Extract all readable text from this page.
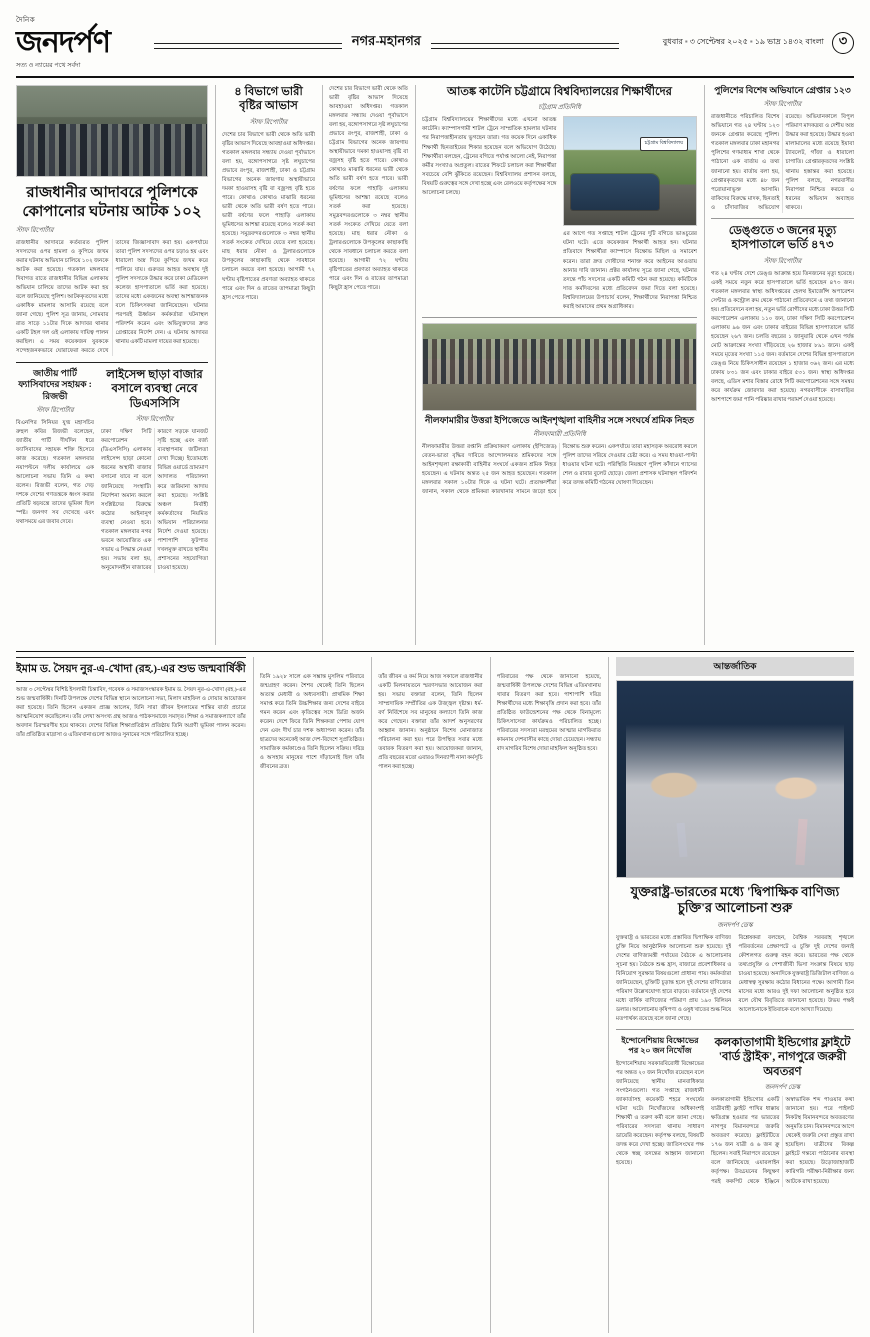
দৈনিক
জনদর্পণ
সত্য ও ন্যায়ের পথে সর্বদা
নগর-মহানগর	বুধবার ▪ ৩ সেপ্টেম্বর ২০২৫ ▪ ১৯ ভাদ্র ১৪৩২ বাংলা	৩
রাজধানীর আদাবরে পুলিশকে কোপানোর ঘটনায় আটক ১০২
স্টাফ রিপোর্টার
রাজধানীর আদাবরে কর্তব্যরত পুলিশ সদস্যদের ওপর হামলা ও কুপিয়ে জখম করার ঘটনায় অভিযান চালিয়ে ১০২ জনকে আটক করা হয়েছে। গতকাল মঙ্গলবার দিবাগত রাতে রাজধানীর বিভিন্ন এলাকায় অভিযান চালিয়ে তাদের আটক করা হয় বলে জানিয়েছে পুলিশ। আটককৃতদের মধ্যে একাধিক মামলার আসামি রয়েছে বলে জানা গেছে। পুলিশ সূত্র জানায়, সোমবার রাত সাড়ে ১১টার দিকে আদাবর থানার একটি টহল দল ওই এলাকায় দায়িত্ব পালন করছিল। এ সময় কয়েকজন যুবককে সন্দেহজনকভাবে ঘোরাফেরা করতে দেখে তাদের জিজ্ঞাসাবাদ করা হয়। একপর্যায়ে তারা পুলিশ সদস্যদের ওপর চড়াও হয় এবং ধারালো অস্ত্র দিয়ে কুপিয়ে জখম করে পালিয়ে যায়। গুরুতর আহত অবস্থায় দুই পুলিশ সদস্যকে উদ্ধার করে ঢাকা মেডিকেল কলেজ হাসপাতালে ভর্তি করা হয়েছে। তাদের মধ্যে একজনের অবস্থা আশঙ্কাজনক বলে চিকিৎসকরা জানিয়েছেন। ঘটনার পরপরই ঊর্ধ্বতন কর্মকর্তারা ঘটনাস্থল পরিদর্শন করেন এবং অভিযুক্তদের দ্রুত গ্রেপ্তারের নির্দেশ দেন। এ ঘটনায় আদাবর থানায় একটি মামলা দায়ের করা হয়েছে।
জাতীয় পার্টি ফ্যাসিবাদের সহায়ক : রিজভী
স্টাফ রিপোর্টার
বিএনপির সিনিয়র যুগ্ম মহাসচিব রুহুল কবির রিজভী বলেছেন, জাতীয় পার্টি দীর্ঘদিন ধরে ফ্যাসিবাদের সহায়ক শক্তি হিসেবে কাজ করেছে। গতকাল মঙ্গলবার নয়াপল্টনে দলীয় কার্যালয়ে এক আলোচনা সভায় তিনি এ কথা বলেন। রিজভী বলেন, গত দেড় দশকে দেশের গণতন্ত্রকে ধ্বংস করার প্রতিটি ষড়যন্ত্রে তাদের ভূমিকা ছিল স্পষ্ট। জনগণ সব দেখেছে এবং যথাসময়ে এর জবাব দেবে।
লাইসেন্স ছাড়া বাজার বসালে ব্যবস্থা নেবে ডিএসসিসি
স্টাফ রিপোর্টার
ঢাকা দক্ষিণ সিটি করপোরেশন (ডিএসসিসি) এলাকায় লাইসেন্স ছাড়া কোনো ধরনের অস্থায়ী বাজার বসানো যাবে না বলে জানিয়েছে সংস্থাটি। নির্দেশনা অমান্য করলে সংশ্লিষ্টদের বিরুদ্ধে কঠোর আইনানুগ ব্যবস্থা নেওয়া হবে। গতকাল মঙ্গলবার নগর ভবনে আয়োজিত এক সভায় এ সিদ্ধান্ত নেওয়া হয়। সভায় বলা হয়, অনুমোদনহীন বাজারের কারণে সড়কে যানজট সৃষ্টি হচ্ছে এবং বর্জ্য ব্যবস্থাপনায় জটিলতা দেখা দিচ্ছে। ইতোমধ্যে বিভিন্ন ওয়ার্ডে ভ্রাম্যমাণ আদালত পরিচালনা করে জরিমানা আদায় করা হয়েছে। সংশ্লিষ্ট অঞ্চল নির্বাহী কর্মকর্তাদের নিয়মিত অভিযান পরিচালনার নির্দেশ দেওয়া হয়েছে। পাশাপাশি ফুটপাত দখলমুক্ত রাখতে স্থানীয় প্রশাসনের সহযোগিতা চাওয়া হয়েছে।
৪ বিভাগে ভারী বৃষ্টির আভাস
স্টাফ রিপোর্টার
দেশের চার বিভাগে ভারী থেকে অতি ভারী বৃষ্টির আভাস দিয়েছে আবহাওয়া অধিদপ্তর। গতকাল মঙ্গলবার সন্ধ্যায় দেওয়া পূর্বাভাসে বলা হয়, বঙ্গোপসাগরে সৃষ্ট লঘুচাপের প্রভাবে রংপুর, রাজশাহী, ঢাকা ও চট্টগ্রাম বিভাগের অনেক জায়গায় অস্থায়ীভাবে দমকা হাওয়াসহ বৃষ্টি বা বজ্রসহ বৃষ্টি হতে পারে। কোথাও কোথাও মাঝারি ধরনের ভারী থেকে অতি ভারী বর্ষণ হতে পারে। ভারী বর্ষণের ফলে পাহাড়ি এলাকায় ভূমিধসের আশঙ্কা রয়েছে বলেও সতর্ক করা হয়েছে। সমুদ্রবন্দরগুলোকে ৩ নম্বর স্থানীয় সতর্ক সংকেত দেখিয়ে যেতে বলা হয়েছে। মাছ ধরার নৌকা ও ট্রলারগুলোকে উপকূলের কাছাকাছি থেকে সাবধানে চলাচল করতে বলা হয়েছে। আগামী ৭২ ঘণ্টায় বৃষ্টিপাতের প্রবণতা অব্যাহত থাকতে পারে এবং দিন ও রাতের তাপমাত্রা কিছুটা হ্রাস পেতে পারে।
দেশের চার বিভাগে ভারী থেকে অতি ভারী বৃষ্টির আভাস দিয়েছে আবহাওয়া অধিদপ্তর। গতকাল মঙ্গলবার সন্ধ্যায় দেওয়া পূর্বাভাসে বলা হয়, বঙ্গোপসাগরে সৃষ্ট লঘুচাপের প্রভাবে রংপুর, রাজশাহী, ঢাকা ও চট্টগ্রাম বিভাগের অনেক জায়গায় অস্থায়ীভাবে দমকা হাওয়াসহ বৃষ্টি বা বজ্রসহ বৃষ্টি হতে পারে। কোথাও কোথাও মাঝারি ধরনের ভারী থেকে অতি ভারী বর্ষণ হতে পারে। ভারী বর্ষণের ফলে পাহাড়ি এলাকায় ভূমিধসের আশঙ্কা রয়েছে বলেও সতর্ক করা হয়েছে। সমুদ্রবন্দরগুলোকে ৩ নম্বর স্থানীয় সতর্ক সংকেত দেখিয়ে যেতে বলা হয়েছে। মাছ ধরার নৌকা ও ট্রলারগুলোকে উপকূলের কাছাকাছি থেকে সাবধানে চলাচল করতে বলা হয়েছে। আগামী ৭২ ঘণ্টায় বৃষ্টিপাতের প্রবণতা অব্যাহত থাকতে পারে এবং দিন ও রাতের তাপমাত্রা কিছুটা হ্রাস পেতে পারে।
আতঙ্ক কাটেনি চট্টগ্রামে বিশ্ববিদ্যালয়ের শিক্ষার্থীদের
চট্টগ্রাম প্রতিনিধি
চট্টগ্রাম বিশ্ববিদ্যালয়ের শিক্ষার্থীদের মধ্যে এখনো আতঙ্ক কাটেনি। ক্যাম্পাসগামী শাটল ট্রেনে সাম্প্রতিক হামলার ঘটনার পর নিরাপত্তাহীনতায় ভুগছেন তারা। গত কয়েক দিনে একাধিক শিক্ষার্থী ছিনতাইয়ের শিকার হয়েছেন বলে অভিযোগ উঠেছে। শিক্ষার্থীরা বলছেন, ট্রেনের বগিতে পর্যাপ্ত আলো নেই, নিরাপত্তা কর্মীর সংখ্যাও অপ্রতুল। রাতের শিফটে চলাচল করা শিক্ষার্থীরা সবচেয়ে বেশি ঝুঁকিতে রয়েছেন। বিশ্ববিদ্যালয় প্রশাসন বলছে, বিষয়টি গুরুত্বের সঙ্গে দেখা হচ্ছে এবং রেলওয়ে কর্তৃপক্ষের সঙ্গে আলোচনা চলছে।
চট্টগ্রাম বিশ্ববিদ্যালয়
এর আগে গত সপ্তাহে শাটল ট্রেনের দুটি বগিতে ভাঙচুরের ঘটনা ঘটে। এতে কয়েকজন শিক্ষার্থী আহত হন। ঘটনার প্রতিবাদে শিক্ষার্থীরা ক্যাম্পাসে বিক্ষোভ মিছিল ও সমাবেশ করেন। তারা দ্রুত দোষীদের শনাক্ত করে আইনের আওতায় আনার দাবি জানান। প্রক্টর কার্যালয় সূত্রে জানা গেছে, ঘটনার তদন্তে পাঁচ সদস্যের একটি কমিটি গঠন করা হয়েছে। কমিটিকে সাত কর্মদিবসের মধ্যে প্রতিবেদন জমা দিতে বলা হয়েছে। বিশ্ববিদ্যালয়ের উপাচার্য বলেন, শিক্ষার্থীদের নিরাপত্তা নিশ্চিত করাই আমাদের প্রথম অগ্রাধিকার।
নীলফামারীর উত্তরা ইপিজেডে আইনশৃঙ্খলা বাহিনীর সঙ্গে সংঘর্ষে শ্রমিক নিহত
নীলফামারী প্রতিনিধি
নীলফামারীর উত্তরা রপ্তানি প্রক্রিয়াকরণ এলাকায় (ইপিজেড) বেতন-ভাতা বৃদ্ধির দাবিতে আন্দোলনরত শ্রমিকদের সঙ্গে আইনশৃঙ্খলা রক্ষাকারী বাহিনীর সংঘর্ষে একজন শ্রমিক নিহত হয়েছেন। এ ঘটনায় অন্তত ২৫ জন আহত হয়েছেন। গতকাল মঙ্গলবার সকাল ১০টার দিকে এ ঘটনা ঘটে। প্রত্যক্ষদর্শীরা জানান, সকাল থেকে শ্রমিকরা কারখানার সামনে জড়ো হয়ে বিক্ষোভ শুরু করেন। একপর্যায়ে তারা মহাসড়ক অবরোধ করলে পুলিশ তাদের সরিয়ে দেওয়ার চেষ্টা করে। এ সময় ধাওয়া-পাল্টা ধাওয়ার ঘটনা ঘটে। পরিস্থিতি নিয়ন্ত্রণে পুলিশ কাঁদানে গ্যাসের শেল ও রাবার বুলেট ছোড়ে। জেলা প্রশাসক ঘটনাস্থল পরিদর্শন করে তদন্ত কমিটি গঠনের ঘোষণা দিয়েছেন।
পুলিশের বিশেষ অভিযানে গ্রেপ্তার ১২৩
স্টাফ রিপোর্টার
রাজধানীতে পরিচালিত বিশেষ অভিযানে গত ২৪ ঘণ্টায় ১২৩ জনকে গ্রেপ্তার করেছে পুলিশ। গতকাল মঙ্গলবার ঢাকা মহানগর পুলিশের গণমাধ্যম শাখা থেকে পাঠানো এক বার্তায় এ তথ্য জানানো হয়। বার্তায় বলা হয়, গ্রেপ্তারকৃতদের মধ্যে ৪৮ জন পরোয়ানাভুক্ত আসামি। বাকিদের বিরুদ্ধে মাদক, ছিনতাই ও চাঁদাবাজির অভিযোগ রয়েছে। অভিযানকালে বিপুল পরিমাণ মাদকদ্রব্য ও দেশীয় অস্ত্র উদ্ধার করা হয়েছে। উদ্ধার হওয়া মালামালের মধ্যে রয়েছে ইয়াবা ট্যাবলেট, গাঁজা ও ধারালো চাপাতি। গ্রেপ্তারকৃতদের সংশ্লিষ্ট থানায় হস্তান্তর করা হয়েছে। পুলিশ বলছে, নগরবাসীর নিরাপত্তা নিশ্চিত করতে এ ধরনের অভিযান অব্যাহত থাকবে।
ডেঙ্গুতে ৩ জনের মৃত্যু হাসপাতালে ভর্তি ৪৭৩
স্টাফ রিপোর্টার
গত ২৪ ঘণ্টায় দেশে ডেঙ্গু আক্রান্ত হয়ে তিনজনের মৃত্যু হয়েছে। একই সময়ে নতুন করে হাসপাতালে ভর্তি হয়েছেন ৪৭৩ জন। গতকাল মঙ্গলবার স্বাস্থ্য অধিদপ্তরের হেলথ ইমার্জেন্সি অপারেশন সেন্টার ও কন্ট্রোল রুম থেকে পাঠানো প্রতিবেদনে এ তথ্য জানানো হয়। প্রতিবেদনে বলা হয়, নতুন ভর্তি রোগীদের মধ্যে ঢাকা উত্তর সিটি করপোরেশন এলাকায় ১১০ জন, ঢাকা দক্ষিণ সিটি করপোরেশন এলাকায় ৯৬ জন এবং ঢাকার বাইরের বিভিন্ন হাসপাতালে ভর্তি হয়েছেন ২৬৭ জন। চলতি বছরের ১ জানুয়ারি থেকে এখন পর্যন্ত মোট আক্রান্তের সংখ্যা দাঁড়িয়েছে ২৬ হাজার ৮৯১ জনে। একই সময়ে মৃতের সংখ্যা ১১৫ জন। বর্তমানে দেশের বিভিন্ন হাসপাতালে ডেঙ্গু নিয়ে চিকিৎসাধীন রয়েছেন ১ হাজার ৩৬২ জন। এর মধ্যে ঢাকায় ৮৩১ জন এবং ঢাকার বাইরে ৫৩১ জন। স্বাস্থ্য অধিদপ্তর বলছে, এডিস মশার বিস্তার রোধে সিটি করপোরেশনের সঙ্গে সমন্বয় করে কার্যক্রম জোরদার করা হয়েছে। নগরবাসীকে বাসাবাড়ির আশপাশে জমা পানি পরিষ্কার রাখার পরামর্শ দেওয়া হয়েছে।
ইমাম ড. সৈয়দ নুর-এ-খোদা (রহ.)-এর শুভ জন্মবার্ষিকী
আজ ৩ সেপ্টেম্বর বিশিষ্ট ইসলামী চিন্তাবিদ, গবেষক ও সমাজসংস্কারক ইমাম ড. সৈয়দ নুর-এ-খোদা (রহ.)-এর শুভ জন্মবার্ষিকী। দিনটি উপলক্ষে দেশের বিভিন্ন স্থানে আলোচনা সভা, মিলাদ মাহফিল ও দোয়ার আয়োজন করা হয়েছে। তিনি ছিলেন একজন প্রাজ্ঞ আলেম, যিনি সারা জীবন ইসলামের শান্তির বার্তা প্রচারে আত্মনিয়োগ করেছিলেন। তাঁর লেখা অসংখ্য গ্রন্থ আজও পাঠকসমাজে সমাদৃত। শিক্ষা ও সমাজকল্যাণে তাঁর অবদান চিরস্মরণীয় হয়ে থাকবে। দেশের বিভিন্ন শিক্ষাপ্রতিষ্ঠান প্রতিষ্ঠায় তিনি অগ্রণী ভূমিকা পালন করেন। তাঁর প্রতিষ্ঠিত মাদ্রাসা ও এতিমখানাগুলো আজও সুনামের সঙ্গে পরিচালিত হচ্ছে।
তিনি ১৯২৮ সালে এক সম্ভ্রান্ত মুসলিম পরিবারে জন্মগ্রহণ করেন। শৈশব থেকেই তিনি ছিলেন অত্যন্ত মেধাবী ও অধ্যবসায়ী। প্রাথমিক শিক্ষা সমাপ্ত করে তিনি উচ্চশিক্ষার জন্য দেশের বাইরে গমন করেন এবং কৃতিত্বের সঙ্গে ডিগ্রি অর্জন করেন। দেশে ফিরে তিনি শিক্ষকতা পেশায় যোগ দেন এবং দীর্ঘ চার দশক অধ্যাপনা করেন। তাঁর ছাত্রদের অনেকেই আজ দেশ-বিদেশে সুপ্রতিষ্ঠিত। সামাজিক কর্মকাণ্ডেও তিনি ছিলেন সক্রিয়। দরিদ্র ও অসহায় মানুষের পাশে দাঁড়ানোই ছিল তাঁর জীবনের ব্রত।
তাঁর জীবন ও কর্ম নিয়ে আজ সকালে রাজধানীর একটি মিলনায়তনে স্মরণসভার আয়োজন করা হয়। সভায় বক্তারা বলেন, তিনি ছিলেন সাম্প্রদায়িক সম্প্রীতির এক উজ্জ্বল দৃষ্টান্ত। ধর্ম-বর্ণ নির্বিশেষে সব মানুষের কল্যাণে তিনি কাজ করে গেছেন। বক্তারা তাঁর আদর্শ অনুসরণের আহ্বান জানান। অনুষ্ঠানে বিশেষ মোনাজাত পরিচালনা করা হয়। পরে উপস্থিত সবার মধ্যে তবারক বিতরণ করা হয়। আয়োজকরা জানান, প্রতি বছরের মতো এবারও দিনব্যাপী নানা কর্মসূচি পালন করা হচ্ছে।
পরিবারের পক্ষ থেকে জানানো হয়েছে, জন্মবার্ষিকী উপলক্ষে দেশের বিভিন্ন এতিমখানায় খাবার বিতরণ করা হবে। পাশাপাশি দরিদ্র শিক্ষার্থীদের মধ্যে শিক্ষাবৃত্তি প্রদান করা হবে। তাঁর প্রতিষ্ঠিত ফাউন্ডেশনের পক্ষ থেকে বিনামূল্যে চিকিৎসাসেবা কার্যক্রমও পরিচালিত হচ্ছে। পরিবারের সদস্যরা মরহুমের আত্মার মাগফিরাত কামনায় দেশবাসীর কাছে দোয়া চেয়েছেন। সন্ধ্যায় বাদ মাগরিব বিশেষ দোয়া মাহফিল অনুষ্ঠিত হবে।
আন্তর্জাতিক
যুক্তরাষ্ট্র-ভারতের মধ্যে 'দ্বিপাক্ষিক বাণিজ্য চুক্তি'র আলোচনা শুরু
জনদর্পণ ডেস্ক
যুক্তরাষ্ট্র ও ভারতের মধ্যে প্রস্তাবিত দ্বিপাক্ষিক বাণিজ্য চুক্তি নিয়ে আনুষ্ঠানিক আলোচনা শুরু হয়েছে। দুই দেশের বাণিজ্যমন্ত্রী পর্যায়ের বৈঠকে এ আলোচনার সূচনা হয়। বৈঠকে শুল্ক হ্রাস, বাজারে প্রবেশাধিকার ও বিনিয়োগ সুরক্ষার বিষয়গুলো প্রাধান্য পায়। কর্মকর্তারা জানিয়েছেন, চুক্তিটি চূড়ান্ত হলে দুই দেশের বাণিজ্যের পরিমাণ উল্লেখযোগ্য হারে বাড়বে। বর্তমানে দুই দেশের মধ্যে বার্ষিক বাণিজ্যের পরিমাণ প্রায় ১৯০ বিলিয়ন ডলার। আলোচনায় কৃষিপণ্য ও ওষুধ খাতের শুল্ক নিয়ে মতপার্থক্য রয়েছে বলে জানা গেছে।
বিশ্লেষকরা বলছেন, বৈশ্বিক সরবরাহ শৃঙ্খলে পরিবর্তনের প্রেক্ষাপটে এ চুক্তি দুই দেশের জন্যই কৌশলগত গুরুত্ব বহন করে। ভারতের পক্ষ থেকে তথ্যপ্রযুক্তি ও পেশাজীবী ভিসা সংক্রান্ত বিষয়ে ছাড় চাওয়া হয়েছে। অন্যদিকে যুক্তরাষ্ট্র ডিজিটাল বাণিজ্য ও মেধাস্বত্ব সুরক্ষায় কঠোর বিধানের পক্ষে। আগামী তিন মাসের মধ্যে আরও দুই দফা আলোচনা অনুষ্ঠিত হবে বলে যৌথ বিবৃতিতে জানানো হয়েছে। উভয় পক্ষই আলোচনাকে ইতিবাচক বলে আখ্যা দিয়েছে।
ইন্দোনেশিয়ায় বিক্ষোভের পর ২০ জন নিখোঁজ
ইন্দোনেশিয়ায় সরকারবিরোধী বিক্ষোভের পর অন্তত ২০ জন নিখোঁজ রয়েছেন বলে জানিয়েছে স্থানীয় মানবাধিকার সংগঠনগুলো। গত সপ্তাহে রাজধানী জাকার্তাসহ কয়েকটি শহরে সংঘর্ষের ঘটনা ঘটে। নিখোঁজদের অধিকাংশই শিক্ষার্থী ও তরুণ কর্মী বলে জানা গেছে। পরিবারের সদস্যরা থানায় সাধারণ ডায়েরি করেছেন। কর্তৃপক্ষ বলছে, বিষয়টি তদন্ত করে দেখা হচ্ছে। জাতিসংঘের পক্ষ থেকে স্বচ্ছ তদন্তের আহ্বান জানানো হয়েছে।
কলকাতাগামী ইন্ডিগোর ফ্লাইটে 'বার্ড স্ট্রাইক', নাগপুরে জরুরী অবতরণ
জনদর্পণ ডেস্ক
কলকাতাগামী ইন্ডিগোর একটি যাত্রীবাহী ফ্লাইট পাখির ধাক্কায় ক্ষতিগ্রস্ত হওয়ার পর ভারতের নাগপুর বিমানবন্দরে জরুরি অবতরণ করেছে। ফ্লাইটটিতে ১৭৬ জন যাত্রী ও ৬ জন ক্রু ছিলেন। সবাই নিরাপদে রয়েছেন বলে জানিয়েছে এয়ারলাইন কর্তৃপক্ষ। উড্ডয়নের কিছুক্ষণ পরই ককপিট থেকে ইঞ্জিনে অস্বাভাবিক শব্দ পাওয়ার কথা জানানো হয়। পরে পাইলট নিকটস্থ বিমানবন্দরে অবতরণের অনুমতি চান। বিমানবন্দরে আগে থেকেই জরুরি সেবা প্রস্তুত রাখা হয়েছিল। যাত্রীদের বিকল্প ফ্লাইটে গন্তব্যে পাঠানোর ব্যবস্থা করা হয়েছে। উড়োজাহাজটি কারিগরি পরীক্ষা-নিরীক্ষার জন্য আটকে রাখা হয়েছে।
